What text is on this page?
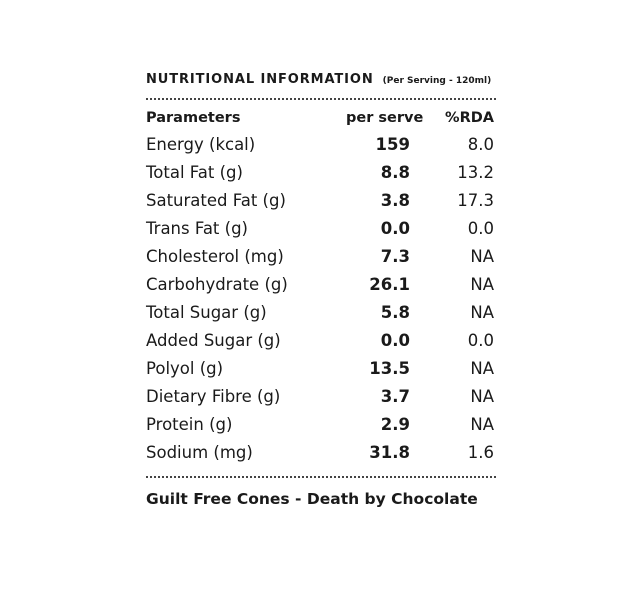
NUTRITIONAL INFORMATION (Per Serving - 120ml)
Parameters	per serve	%RDA
Energy (kcal)	159	8.0
Total Fat (g)	8.8	13.2
Saturated Fat (g)	3.8	17.3
Trans Fat (g)	0.0	0.0
Cholesterol (mg)	7.3	NA
Carbohydrate (g)	26.1	NA
Total Sugar (g)	5.8	NA
Added Sugar (g)	0.0	0.0
Polyol (g)	13.5	NA
Dietary Fibre (g)	3.7	NA
Protein (g)	2.9	NA
Sodium (mg)	31.8	1.6
Guilt Free Cones - Death by Chocolate
